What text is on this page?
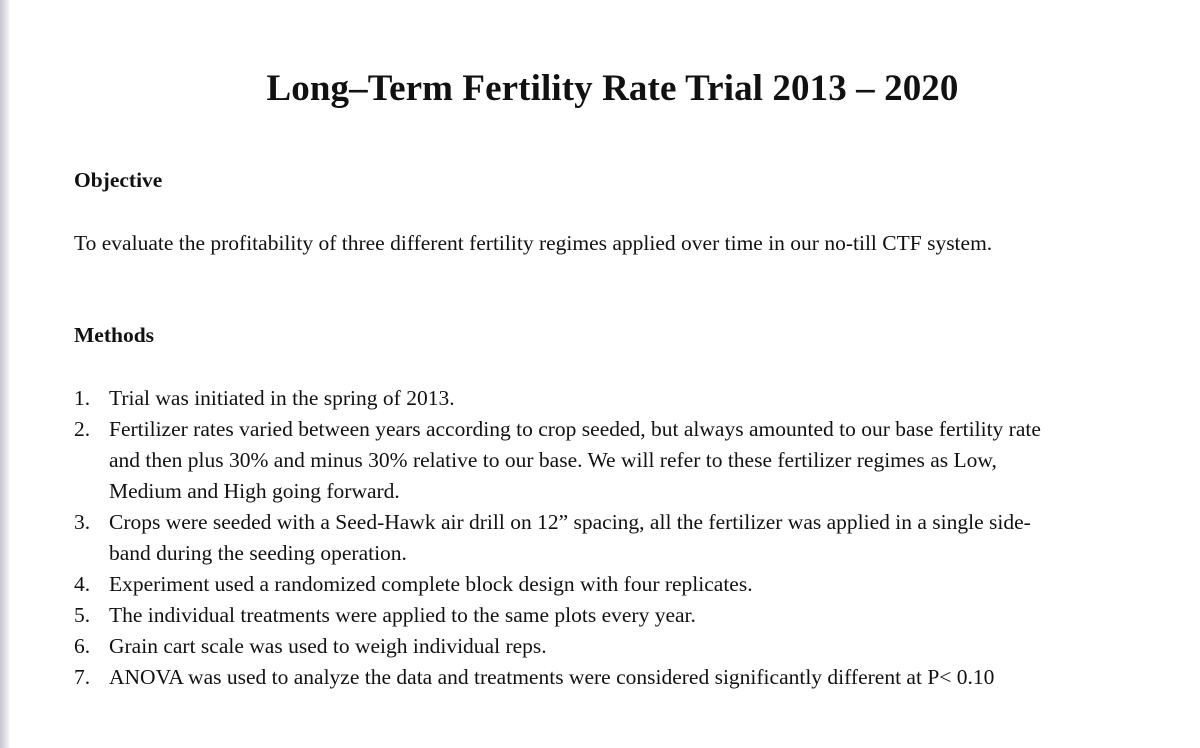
Long–Term Fertility Rate Trial 2013 – 2020
Objective
To evaluate the profitability of three different fertility regimes applied over time in our no-till CTF system.
Methods
1. Trial was initiated in the spring of 2013.
2. Fertilizer rates varied between years according to crop seeded, but always amounted to our base fertility rate
and then plus 30% and minus 30% relative to our base. We will refer to these fertilizer regimes as Low,
Medium and High going forward.
3. Crops were seeded with a Seed-Hawk air drill on 12” spacing, all the fertilizer was applied in a single side-
band during the seeding operation.
4. Experiment used a randomized complete block design with four replicates.
5. The individual treatments were applied to the same plots every year.
6. Grain cart scale was used to weigh individual reps.
7. ANOVA was used to analyze the data and treatments were considered significantly different at P< 0.10
